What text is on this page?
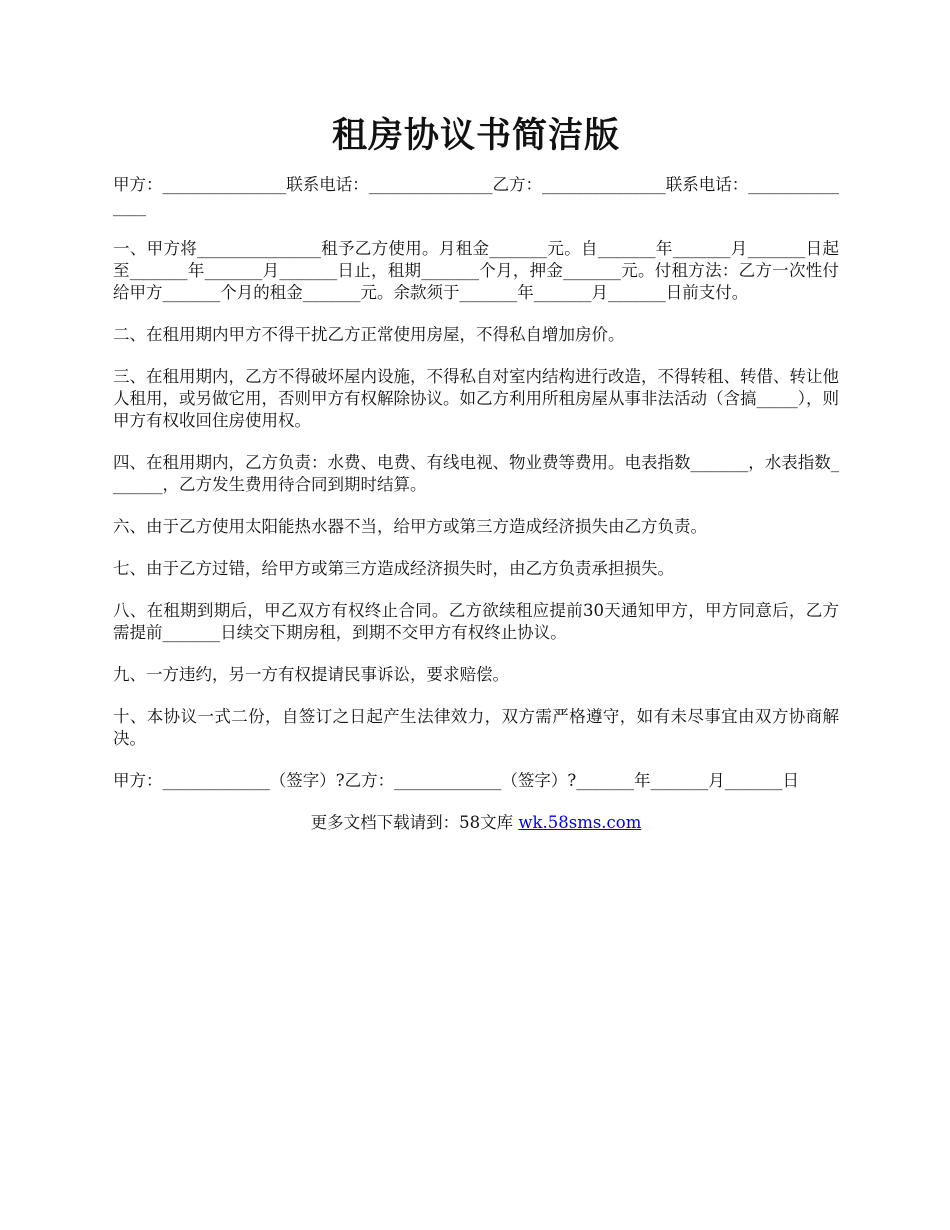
租房协议书简洁版

甲方：_______________联系电话：_______________乙方：_______________联系电话：_______________

一、甲方将_______________租予乙方使用。月租金_______元。自_______年_______月_______日起至_______年_______月_______日止，租期_______个月，押金_______元。付租方法：乙方一次性付给甲方_______个月的租金_______元。余款须于_______年_______月_______日前支付。

二、在租用期内甲方不得干扰乙方正常使用房屋，不得私自增加房价。

三、在租用期内，乙方不得破坏屋内设施，不得私自对室内结构进行改造，不得转租、转借、转让他人租用，或另做它用，否则甲方有权解除协议。如乙方利用所租房屋从事非法活动（含搞_____），则甲方有权收回住房使用权。

四、在租用期内，乙方负责：水费、电费、有线电视、物业费等费用。电表指数_______，水表指数_______，乙方发生费用待合同到期时结算。

六、由于乙方使用太阳能热水器不当，给甲方或第三方造成经济损失由乙方负责。

七、由于乙方过错，给甲方或第三方造成经济损失时，由乙方负责承担损失。

八、在租期到期后，甲乙双方有权终止合同。乙方欲续租应提前30天通知甲方，甲方同意后，乙方需提前_______日续交下期房租，到期不交甲方有权终止协议。

九、一方违约，另一方有权提请民事诉讼，要求赔偿。

十、本协议一式二份，自签订之日起产生法律效力，双方需严格遵守，如有未尽事宜由双方协商解决。

甲方：_____________（签字）?乙方：_____________（签字）?_______年_______月_______日

更多文档下载请到：58文库 wk.58sms.com
